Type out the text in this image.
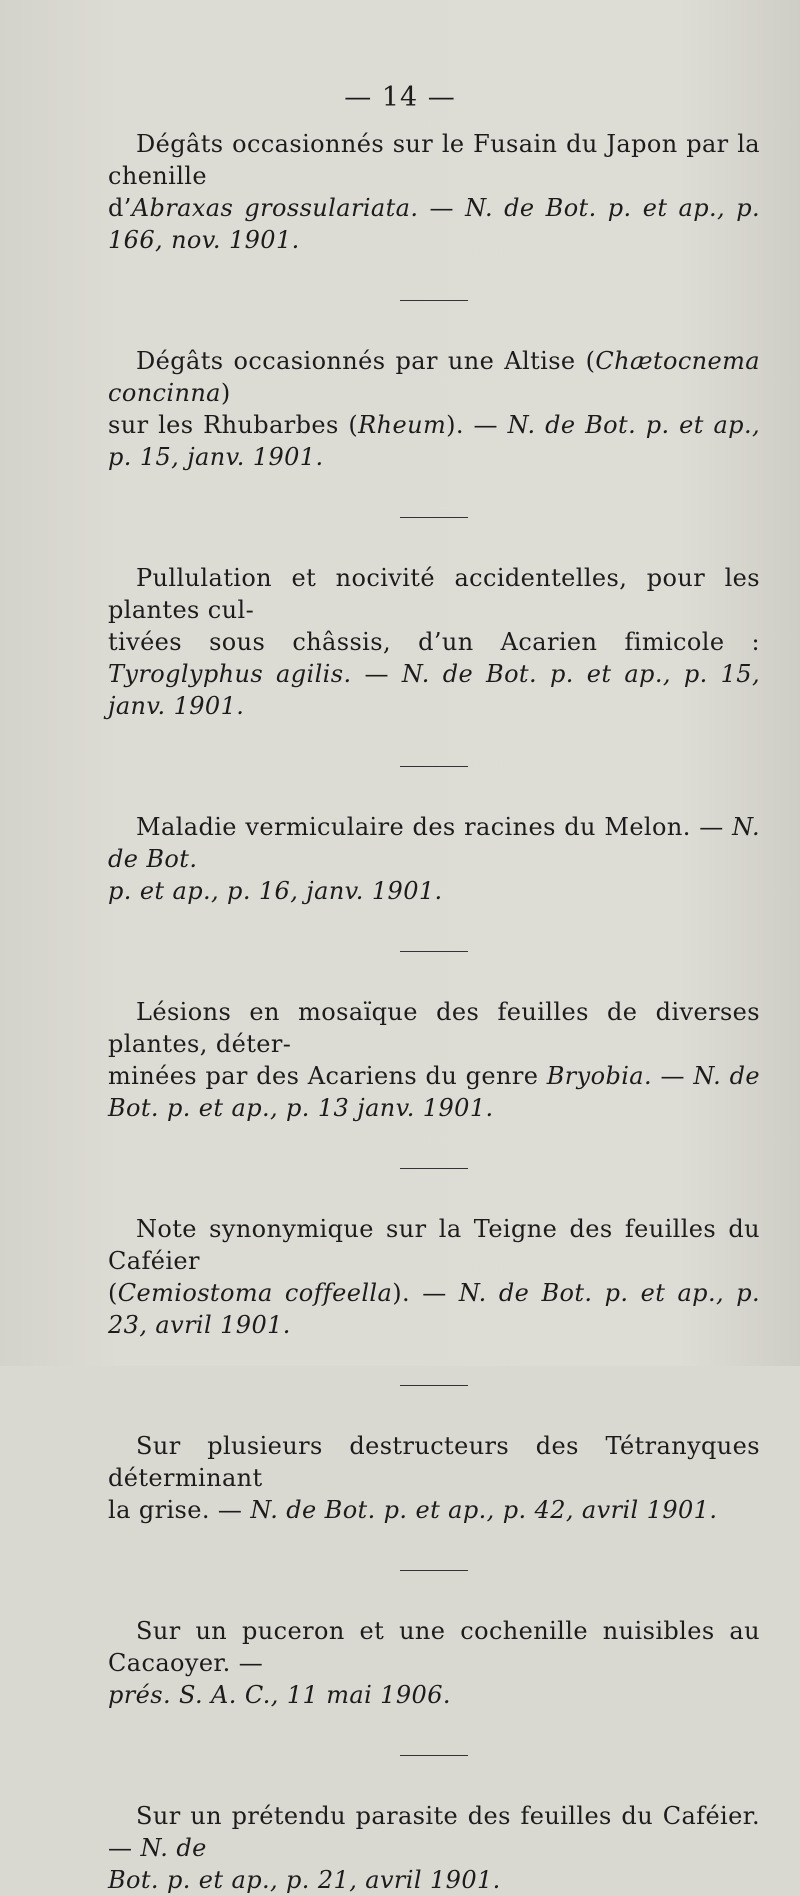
— 14 —

Dégâts occasionnés sur le Fusain du Japon par la chenille
d’Abraxas grossulariata. — N. de Bot. p. et ap., p. 166, nov. 1901.

Dégâts occasionnés par une Altise (Chætocnema concinna)
sur les Rhubarbes (Rheum). — N. de Bot. p. et ap., p. 15, janv. 1901.

Pullulation et nocivité accidentelles, pour les plantes cul-
tivées sous châssis, d’un Acarien fimicole : Tyroglyphus agilis. — N. de Bot. p. et ap., p. 15, janv. 1901.

Maladie vermiculaire des racines du Melon. — N. de Bot.
p. et ap., p. 16, janv. 1901.

Lésions en mosaïque des feuilles de diverses plantes, déter-
minées par des Acariens du genre Bryobia. — N. de Bot. p. et ap., p. 13 janv. 1901.

Note synonymique sur la Teigne des feuilles du Caféier
(Cemiostoma coffeella). — N. de Bot. p. et ap., p. 23, avril 1901.

Sur plusieurs destructeurs des Tétranyques déterminant
la grise. — N. de Bot. p. et ap., p. 42, avril 1901.

Sur un puceron et une cochenille nuisibles au Cacaoyer. —
prés. S. A. C., 11 mai 1906.

Sur un prétendu parasite des feuilles du Caféier. — N. de
Bot. p. et ap., p. 21, avril 1901.
